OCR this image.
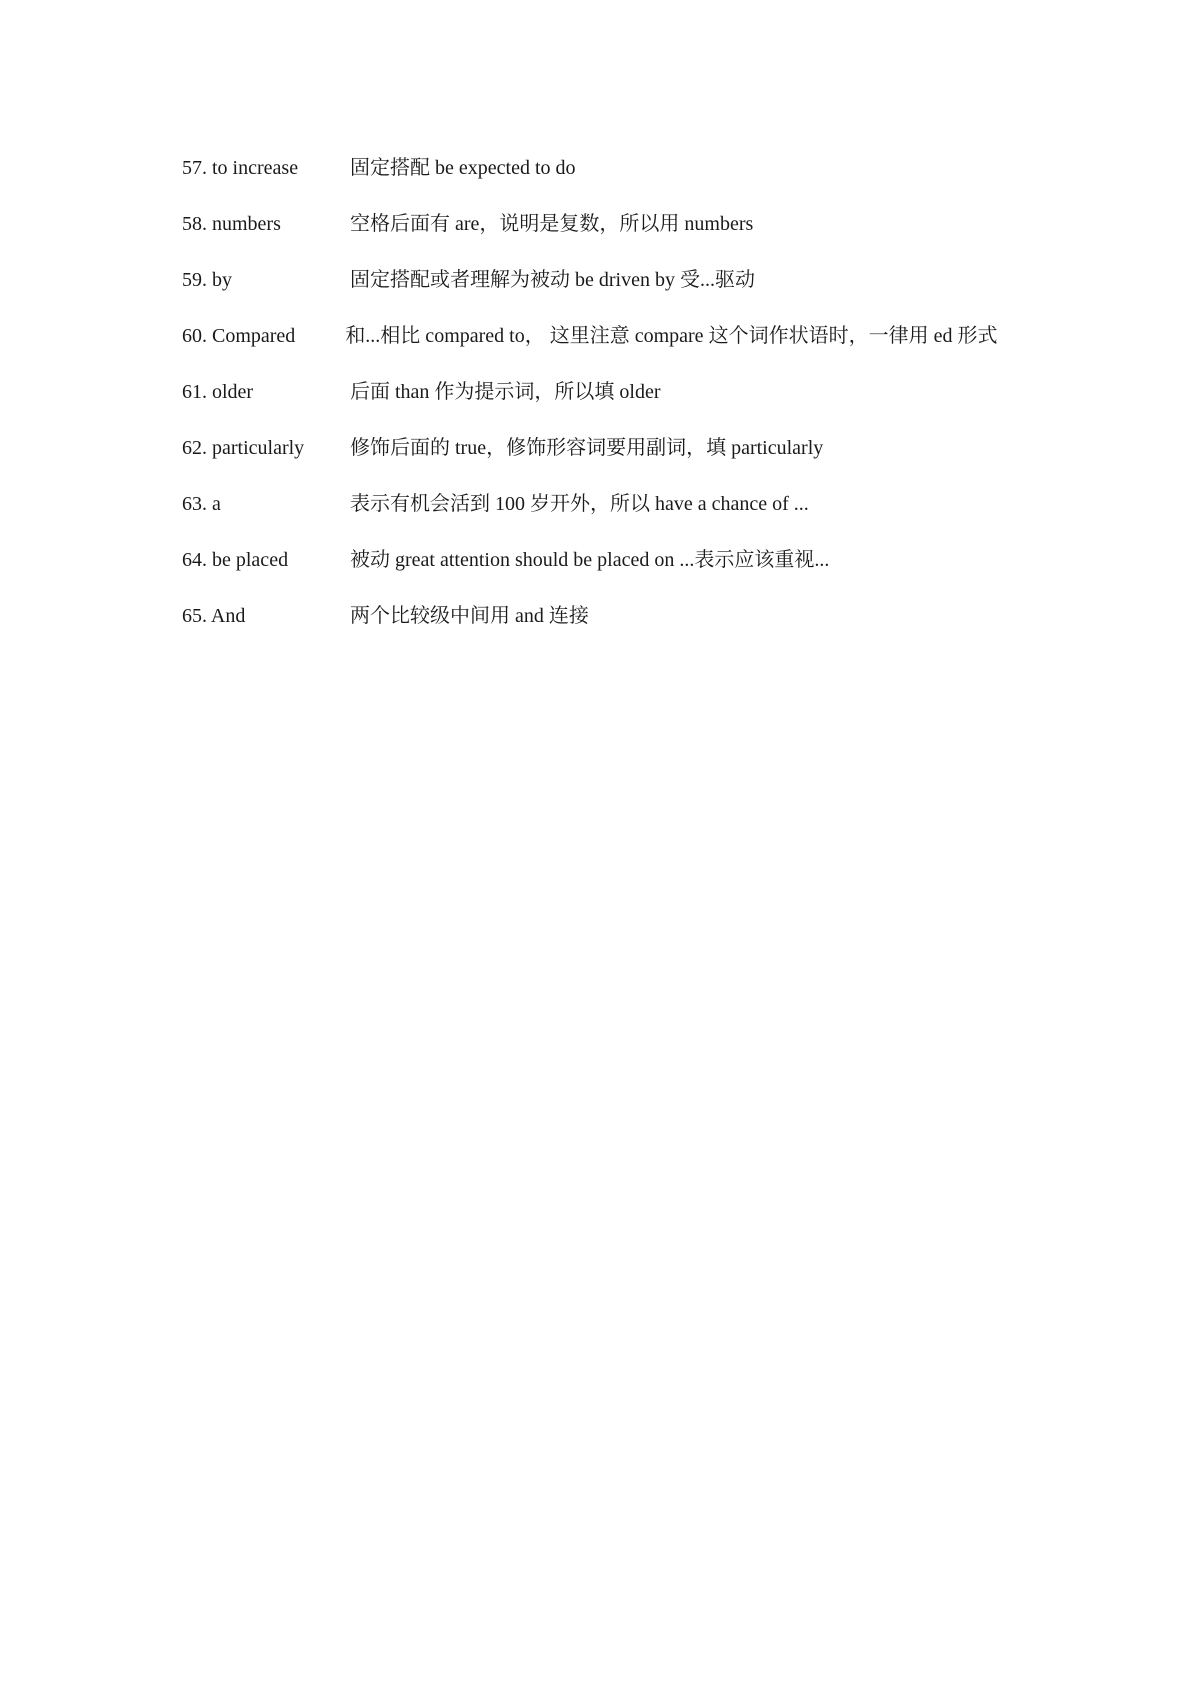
57. to increase	固定搭配 be expected to do
58. numbers	空格后面有 are，说明是复数，所以用 numbers
59. by	固定搭配或者理解为被动 be driven by 受...驱动
60. Compared	和...相比 compared to， 这里注意 compare 这个词作状语时，一律用 ed 形式
61. older	后面 than 作为提示词，所以填 older
62. particularly 修饰后面的 true，修饰形容词要用副词，填 particularly
63. a	表示有机会活到 100 岁开外，所以 have a chance of ...
64. be placed	被动 great attention should be placed on ...表示应该重视...
65. And	两个比较级中间用 and 连接
